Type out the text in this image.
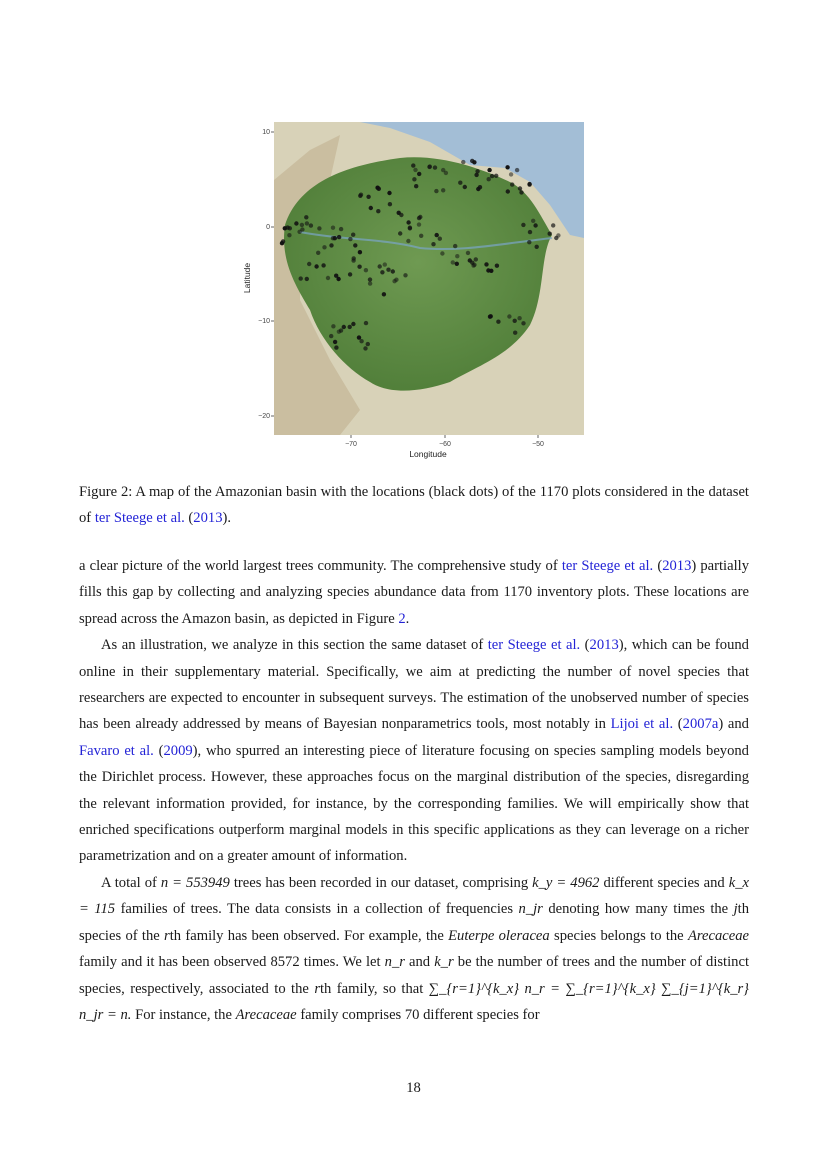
10
0
−10
−20
−70	−60	−50
Longitude
Latitude
Figure 2: A map of the Amazonian basin with the locations (black dots) of the 1170 plots considered in the dataset of ter Steege et al. (2013).

a clear picture of the world largest trees community. The comprehensive study of ter Steege et al. (2013) partially fills this gap by collecting and analyzing species abundance data from 1170 inventory plots. These locations are spread across the Amazon basin, as depicted in Figure 2.

As an illustration, we analyze in this section the same dataset of ter Steege et al. (2013), which can be found online in their supplementary material. Specifically, we aim at predicting the number of novel species that researchers are expected to encounter in subsequent surveys. The estimation of the unobserved number of species has been already addressed by means of Bayesian nonparametrics tools, most notably in Lijoi et al. (2007a) and Favaro et al. (2009), who spurred an interesting piece of literature focusing on species sampling models beyond the Dirichlet process. However, these approaches focus on the marginal distribution of the species, disregarding the relevant information provided, for instance, by the corresponding families. We will empirically show that enriched specifications outperform marginal models in this specific applications as they can leverage on a richer parametrization and on a greater amount of information.

A total of n = 553949 trees has been recorded in our dataset, comprising k_y = 4962 different species and k_x = 115 families of trees. The data consists in a collection of frequencies n_jr denoting how many times the jth species of the rth family has been observed. For example, the Euterpe oleracea species belongs to the Arecaceae family and it has been observed 8572 times. We let n_r and k_r be the number of trees and the number of distinct species, respectively, associated to the rth family, so that ∑_{r=1}^{k_x} n_r = ∑_{r=1}^{k_x} ∑_{j=1}^{k_r} n_jr = n. For instance, the Arecaceae family comprises 70 different species for

18
